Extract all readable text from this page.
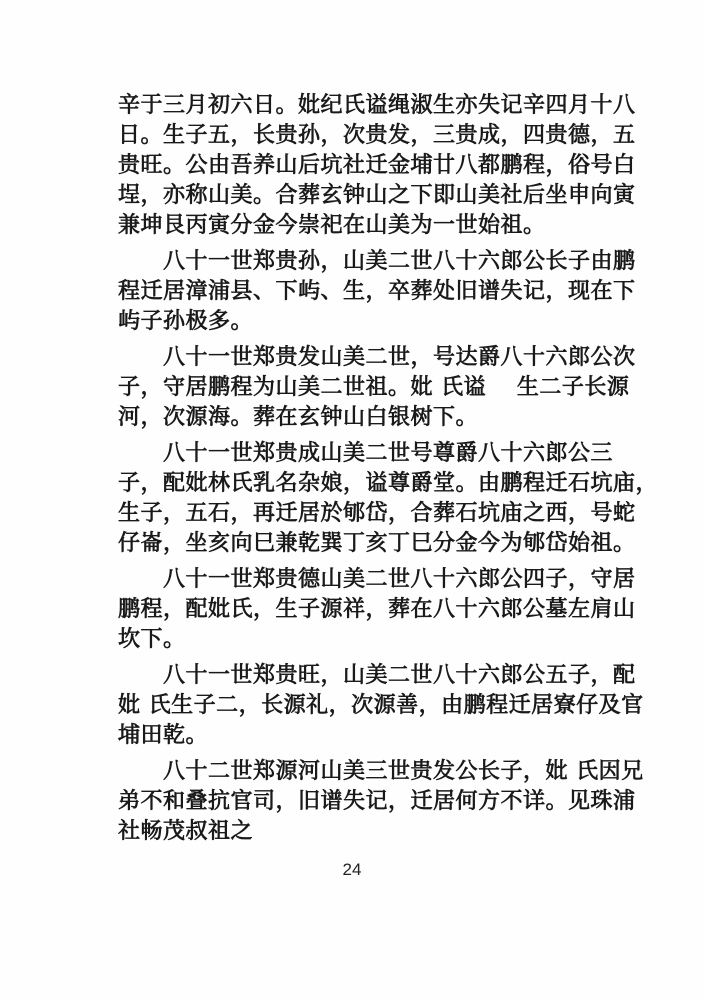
辛于三月初六日。妣纪氏谥绳淑生亦失记辛四月十八
日。生子五，长贵孙，次贵发，三贵成，四贵德，五
贵旺。公由吾养山后坑社迁金埔廿八都鹏程，俗号白
埕，亦称山美。合葬玄钟山之下即山美社后坐申向寅
兼坤艮丙寅分金今崇祀在山美为一世始祖。
　　八十一世郑贵孙，山美二世八十六郎公长子由鹏
程迁居漳浦县、下屿、生，卒葬处旧谱失记，现在下
屿子孙极多。
　　八十一世郑贵发山美二世，号达爵八十六郎公次
子，守居鹏程为山美二世祖。妣 氏谥　 生二子长源
河，次源海。葬在玄钟山白银树下。
　　八十一世郑贵成山美二世号尊爵八十六郎公三
子，配妣林氏乳名杂娘，谥尊爵堂。由鹏程迁石坑庙，
生子，五石，再迁居於郇岱，合葬石坑庙之西，号蛇
仔崙，坐亥向巳兼乾巽丁亥丁巳分金今为郇岱始祖。
　　八十一世郑贵德山美二世八十六郎公四子，守居
鹏程，配妣氏，生子源祥，葬在八十六郎公墓左肩山
坎下。
　　八十一世郑贵旺，山美二世八十六郎公五子，配
妣 氏生子二，长源礼，次源善，由鹏程迁居寮仔及官
埔田乾。
　　八十二世郑源河山美三世贵发公长子，妣 氏因兄
弟不和叠抗官司，旧谱失记，迁居何方不详。见珠浦
社畅茂叔祖之
24
